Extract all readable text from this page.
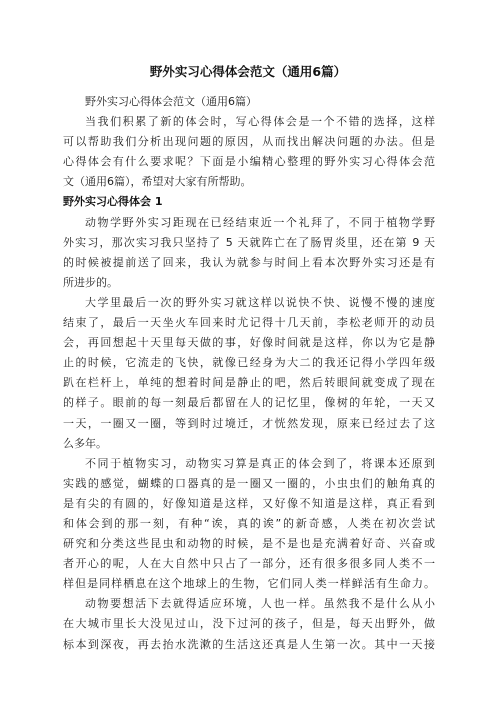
野外实习心得体会范文（通用6篇）
野外实习心得体会范文（通用6篇）
当我们积累了新的体会时，写心得体会是一个不错的选择，这样
可以帮助我们分析出现问题的原因，从而找出解决问题的办法。但是
心得体会有什么要求呢？下面是小编精心整理的野外实习心得体会范
文（通用6篇），希望对大家有所帮助。
野外实习心得体会 1
动物学野外实习距现在已经结束近一个礼拜了，不同于植物学野
外实习，那次实习我只坚持了 5 天就阵亡在了肠胃炎里，还在第 9 天
的时候被提前送了回来，我认为就参与时间上看本次野外实习还是有
所进步的。
大学里最后一次的野外实习就这样以说快不快、说慢不慢的速度
结束了，最后一天坐火车回来时尤记得十几天前，李松老师开的动员
会，再回想起十天里每天做的事，好像时间就是这样，你以为它是静
止的时候，它流走的飞快，就像已经身为大二的我还记得小学四年级
趴在栏杆上，单纯的想着时间是静止的吧，然后转眼间就变成了现在
的样子。眼前的每一刻最后都留在人的记忆里，像树的年轮，一天又
一天，一圈又一圈，等到时过境迁，才恍然发现，原来已经过去了这
么多年。
不同于植物实习，动物实习算是真正的体会到了，将课本还原到
实践的感觉，蝴蝶的口器真的是一圈又一圈的，小虫虫们的触角真的
是有尖的有圆的，好像知道是这样，又好像不知道是这样，真正看到
和体会到的那一刻，有种“诶，真的诶”的新奇感，人类在初次尝试
研究和分类这些昆虫和动物的时候，是不是也是充满着好奇、兴奋或
者开心的呢，人在大自然中只占了一部分，还有很多很多同人类不一
样但是同样栖息在这个地球上的生物，它们同人类一样鲜活有生命力。
动物要想活下去就得适应环境，人也一样。虽然我不是什么从小
在大城市里长大没见过山，没下过河的孩子，但是，每天出野外，做
标本到深夜，再去抬水洗漱的生活这还真是人生第一次。其中一天接
